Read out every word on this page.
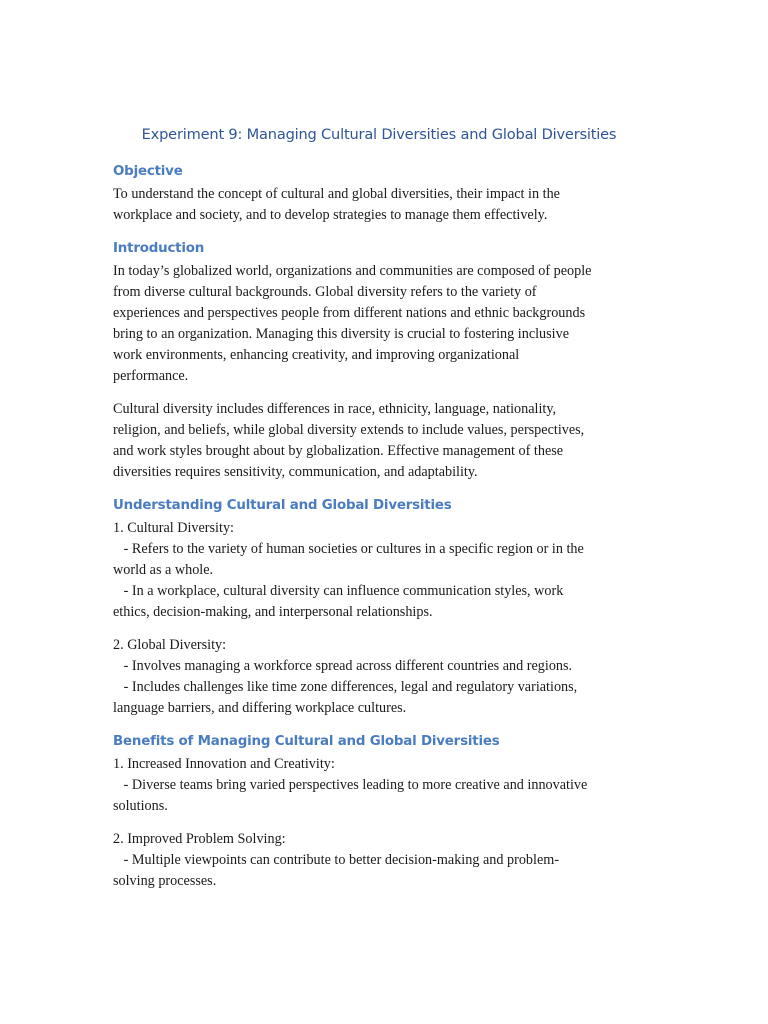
Experiment 9: Managing Cultural Diversities and Global Diversities
Objective

To understand the concept of cultural and global diversities, their impact in the
workplace and society, and to develop strategies to manage them effectively.

Introduction

In today’s globalized world, organizations and communities are composed of people
from diverse cultural backgrounds. Global diversity refers to the variety of
experiences and perspectives people from different nations and ethnic backgrounds
bring to an organization. Managing this diversity is crucial to fostering inclusive
work environments, enhancing creativity, and improving organizational
performance.

Cultural diversity includes differences in race, ethnicity, language, nationality,
religion, and beliefs, while global diversity extends to include values, perspectives,
and work styles brought about by globalization. Effective management of these
diversities requires sensitivity, communication, and adaptability.

Understanding Cultural and Global Diversities
1. Cultural Diversity:
- Refers to the variety of human societies or cultures in a specific region or in the
world as a whole.
- In a workplace, cultural diversity can influence communication styles, work
ethics, decision-making, and interpersonal relationships.
2. Global Diversity:
- Involves managing a workforce spread across different countries and regions.
- Includes challenges like time zone differences, legal and regulatory variations,
language barriers, and differing workplace cultures.
Benefits of Managing Cultural and Global Diversities
1. Increased Innovation and Creativity:
- Diverse teams bring varied perspectives leading to more creative and innovative
solutions.
2. Improved Problem Solving:
- Multiple viewpoints can contribute to better decision-making and problem-
solving processes.
